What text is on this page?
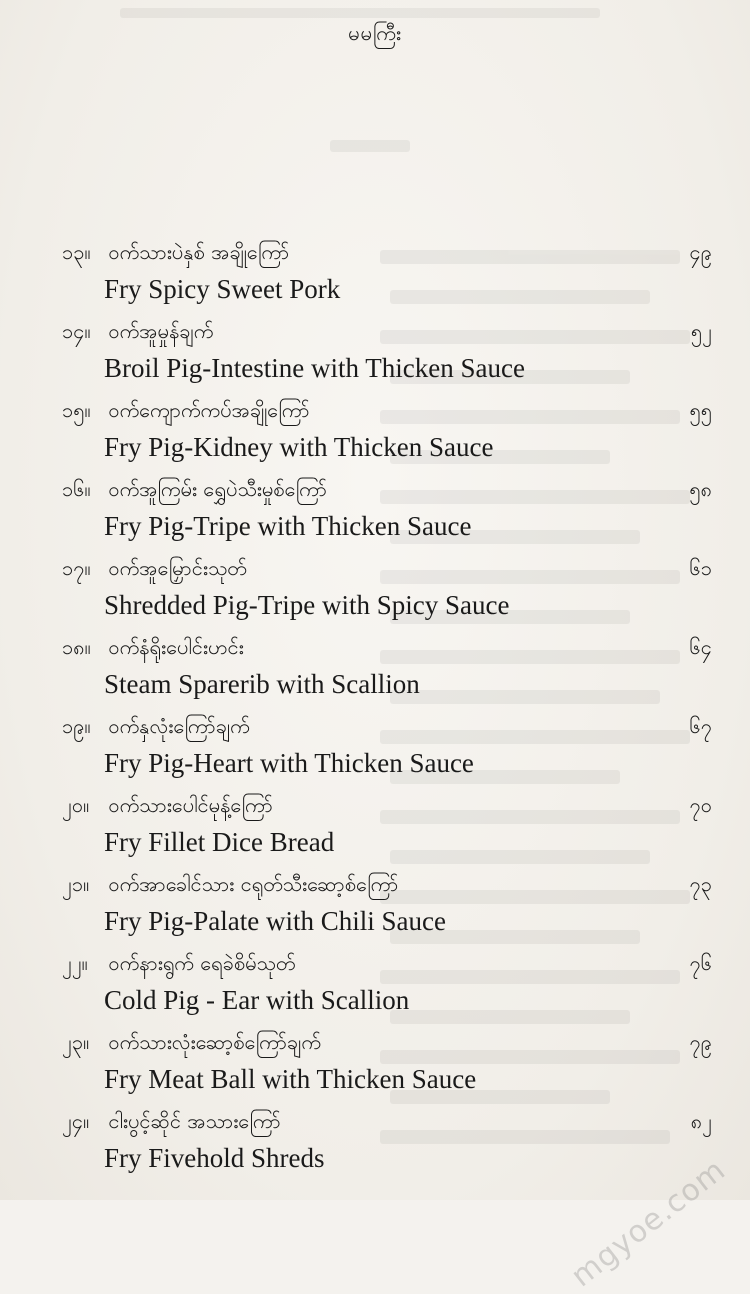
မမကြီး
၁၃။ ဝက်သားပဲနှစ် အချိုကြော်	၄၉
Fry Spicy Sweet Pork
၁၄။ ဝက်အူမှုန်ချက်	၅၂
Broil Pig-Intestine with Thicken Sauce
၁၅။ ဝက်ကျောက်ကပ်အချိုကြော်	၅၅
Fry Pig-Kidney with Thicken Sauce
၁၆။ ဝက်အူကြမ်း ရွှေပဲသီးမှုစ်ကြော်	၅၈
Fry Pig-Tripe with Thicken Sauce
၁၇။ ဝက်အူမြှောင်းသုတ်	၆၁
Shredded Pig-Tripe with Spicy Sauce
၁၈။ ဝက်နံရိုးပေါင်းဟင်း	၆၄
Steam Sparerib with Scallion
၁၉။ ဝက်နှလုံးကြော်ချက်	၆၇
Fry Pig-Heart with Thicken Sauce
၂၀။ ဝက်သားပေါင်မုန့်ကြော်	၇၀
Fry Fillet Dice Bread
၂၁။ ဝက်အာခေါင်သား ငရုတ်သီးဆော့စ်ကြော်	၇၃
Fry Pig-Palate with Chili Sauce
၂၂။ ဝက်နားရွက် ရေခဲစိမ်သုတ်	၇၆
Cold Pig - Ear with Scallion
၂၃။ ဝက်သားလုံးဆော့စ်ကြော်ချက်	၇၉
Fry Meat Ball with Thicken Sauce
၂၄။ ငါးပွင့်ဆိုင် အသားကြော်	၈၂
Fry Fivehold Shreds	mgyoe.com
